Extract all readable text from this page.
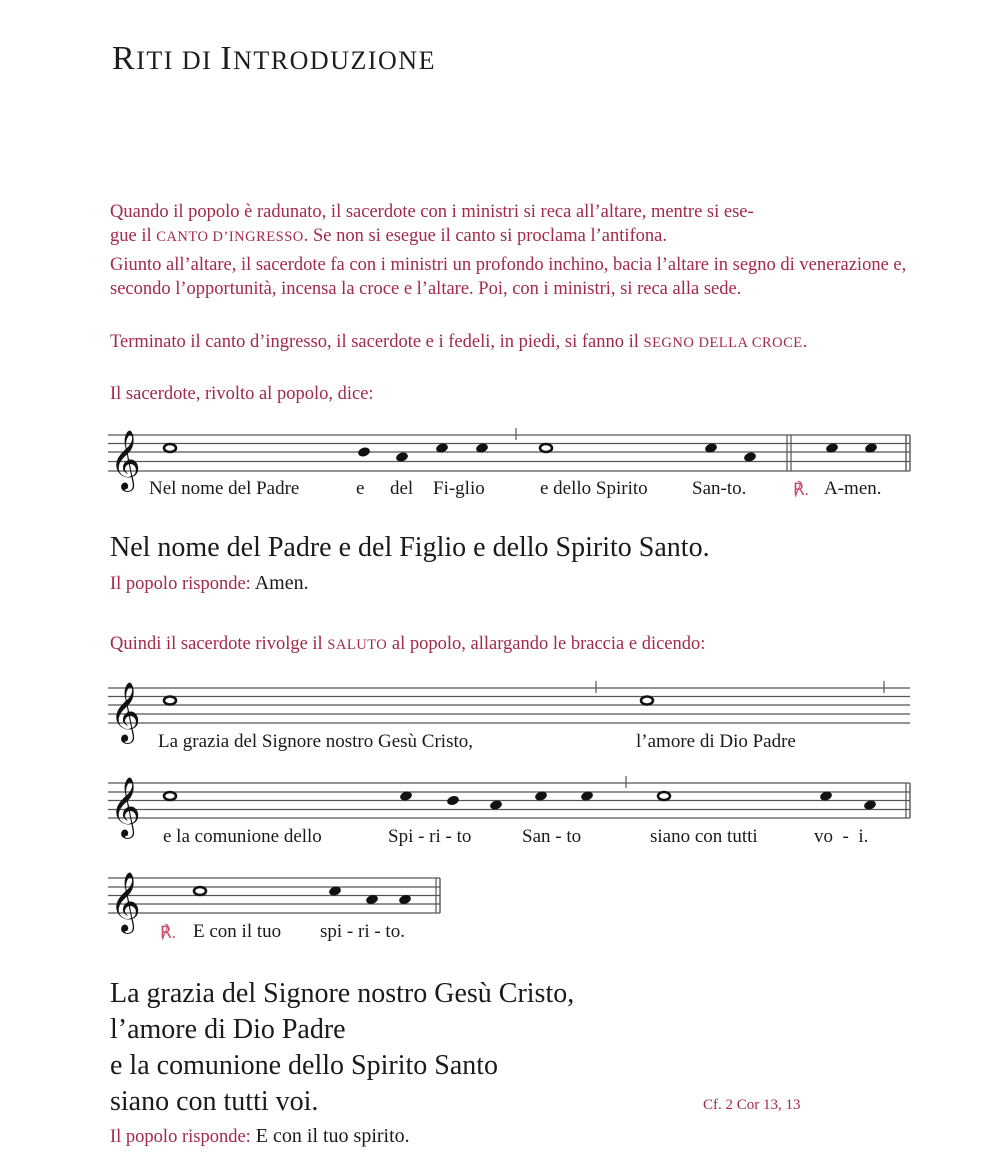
RITI DI INTRODUZIONE
Quando il popolo è radunato, il sacerdote con i ministri si reca all’altare, mentre si ese-
gue il CANTO D’INGRESSO. Se non si esegue il canto si proclama l’antifona.
Giunto all’altare, il sacerdote fa con i ministri un profondo inchino, bacia l’altare in segno di venerazione e, secondo l’opportunità, incensa la croce e l’altare. Poi, con i ministri, si reca alla sede.
Terminato il canto d’ingresso, il sacerdote e i fedeli, in piedi, si fanno il SEGNO DELLA CROCE.
Il sacerdote, rivolto al popolo, dice:
𝄞 Nel nome del Padre	e del Fi-glio	e dello Spirito San-to.	℟. A-men.
Nel nome del Padre e del Figlio e dello Spirito Santo.
Il popolo risponde: Amen.
Quindi il sacerdote rivolge il SALUTO al popolo, allargando le braccia e dicendo:
𝄞 La grazia del Signore nostro Gesù Cristo,	l’amore di Dio Padre
𝄞 e la comunione dello	Spi - ri - to	San - to	siano con tutti	vo  -  i.
𝄞
℟. E con il tuo spi - ri - to.
La grazia del Signore nostro Gesù Cristo,
l’amore di Dio Padre
e la comunione dello Spirito Santo
siano con tutti voi.	Cf. 2 Cor 13, 13
Il popolo risponde: E con il tuo spirito.
